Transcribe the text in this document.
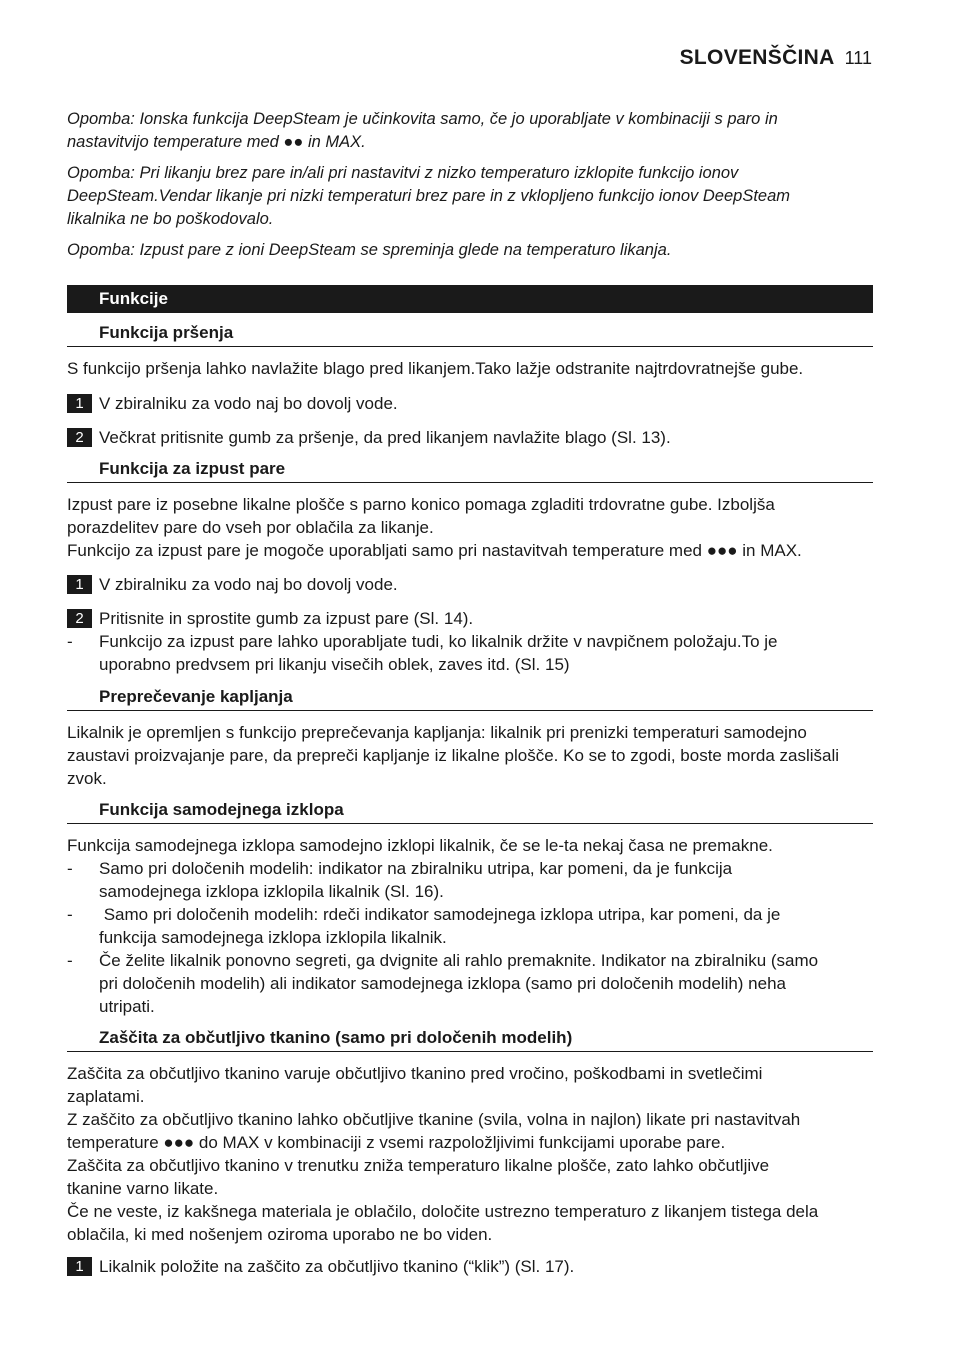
SLOVENŠČINA 111

Opomba: Ionska funkcija DeepSteam je učinkovita samo, če jo uporabljate v kombinaciji s paro in

nastavitvijo temperature med ●● in MAX.

Opomba: Pri likanju brez pare in/ali pri nastavitvi z nizko temperaturo izklopite funkcijo ionov

DeepSteam.Vendar likanje pri nizki temperaturi brez pare in z vklopljeno funkcijo ionov DeepSteam

likalnika ne bo poškodovalo.

Opomba: Izpust pare z ioni DeepSteam se spreminja glede na temperaturo likanja.

Funkcije
Funkcija pršenja

S funkcijo pršenja lahko navlažite blago pred likanjem.Tako lažje odstranite najtrdovratnejše gube.

1 V zbiralniku za vodo naj bo dovolj vode.
2 Večkrat pritisnite gumb za pršenje, da pred likanjem navlažite blago (Sl. 13).
Funkcija za izpust pare

Izpust pare iz posebne likalne plošče s parno konico pomaga zgladiti trdovratne gube. Izboljša

porazdelitev pare do vseh por oblačila za likanje.

Funkcijo za izpust pare je mogoče uporabljati samo pri nastavitvah temperature med ●●● in MAX.

1 V zbiralniku za vodo naj bo dovolj vode.
2 Pritisnite in sprostite gumb za izpust pare (Sl. 14).
-	Funkcijo za izpust pare lahko uporabljate tudi, ko likalnik držite v navpičnem položaju.To je
uporabno predvsem pri likanju visečih oblek, zaves itd. (Sl. 15)
Preprečevanje kapljanja

Likalnik je opremljen s funkcijo preprečevanja kapljanja: likalnik pri prenizki temperaturi samodejno

zaustavi proizvajanje pare, da prepreči kapljanje iz likalne plošče. Ko se to zgodi, boste morda zaslišali

zvok.

Funkcija samodejnega izklopa

Funkcija samodejnega izklopa samodejno izklopi likalnik, če se le-ta nekaj časa ne premakne.

-	Samo pri določenih modelih: indikator na zbiralniku utripa, kar pomeni, da je funkcija
samodejnega izklopa izklopila likalnik (Sl. 16).
-	Samo pri določenih modelih: rdeči indikator samodejnega izklopa utripa, kar pomeni, da je
funkcija samodejnega izklopa izklopila likalnik.
-	Če želite likalnik ponovno segreti, ga dvignite ali rahlo premaknite. Indikator na zbiralniku (samo
pri določenih modelih) ali indikator samodejnega izklopa (samo pri določenih modelih) neha
utripati.
Zaščita za občutljivo tkanino (samo pri določenih modelih)

Zaščita za občutljivo tkanino varuje občutljivo tkanino pred vročino, poškodbami in svetlečimi

zaplatami.

Z zaščito za občutljivo tkanino lahko občutljive tkanine (svila, volna in najlon) likate pri nastavitvah

temperature ●●● do MAX v kombinaciji z vsemi razpoložljivimi funkcijami uporabe pare.

Zaščita za občutljivo tkanino v trenutku zniža temperaturo likalne plošče, zato lahko občutljive

tkanine varno likate.

Če ne veste, iz kakšnega materiala je oblačilo, določite ustrezno temperaturo z likanjem tistega dela

oblačila, ki med nošenjem oziroma uporabo ne bo viden.

1 Likalnik položite na zaščito za občutljivo tkanino (“klik”) (Sl. 17).
